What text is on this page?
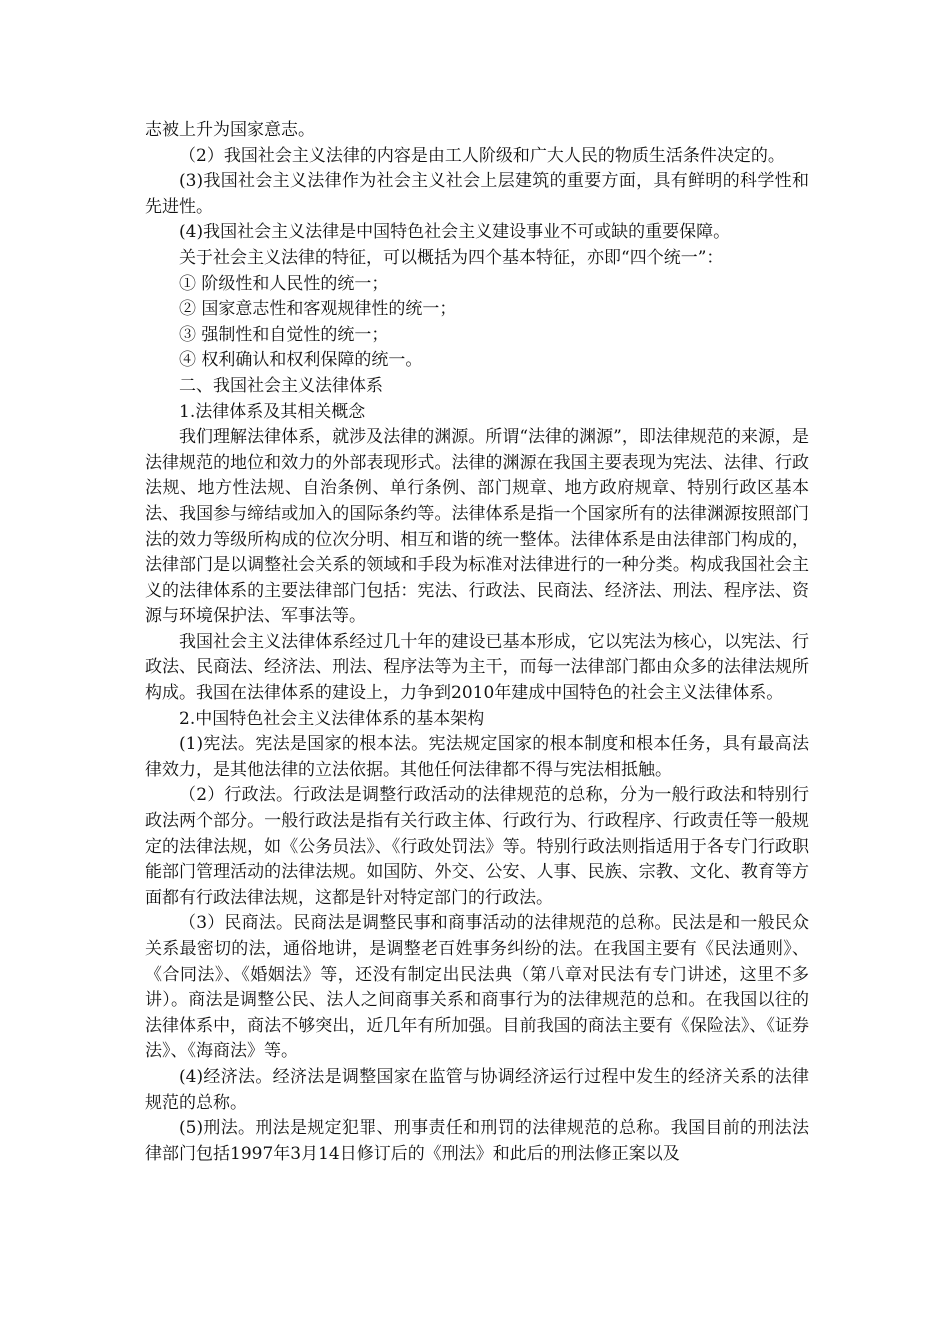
志被上升为国家意志。

（2）我国社会主义法律的内容是由工人阶级和广大人民的物质生活条件决定的。

(3)我国社会主义法律作为社会主义社会上层建筑的重要方面，具有鲜明的科学性和先进性。

(4)我国社会主义法律是中国特色社会主义建设事业不可或缺的重要保障。

关于社会主义法律的特征，可以概括为四个基本特征，亦即“四个统一”：

① 阶级性和人民性的统一；

② 国家意志性和客观规律性的统一；

③ 强制性和自觉性的统一；

④ 权利确认和权利保障的统一。

二、我国社会主义法律体系

1.法律体系及其相关概念

我们理解法律体系，就涉及法律的渊源。所谓“法律的渊源”，即法律规范的来源，是法律规范的地位和效力的外部表现形式。法律的渊源在我国主要表现为宪法、法律、行政法规、地方性法规、自治条例、单行条例、部门规章、地方政府规章、特别行政区基本法、我国参与缔结或加入的国际条约等。法律体系是指一个国家所有的法律渊源按照部门法的效力等级所构成的位次分明、相互和谐的统一整体。法律体系是由法律部门构成的，法律部门是以调整社会关系的领域和手段为标准对法律进行的一种分类。构成我国社会主义的法律体系的主要法律部门包括：宪法、行政法、民商法、经济法、刑法、程序法、资源与环境保护法、军事法等。

我国社会主义法律体系经过几十年的建设已基本形成，它以宪法为核心，以宪法、行政法、民商法、经济法、刑法、程序法等为主干，而每一法律部门都由众多的法律法规所构成。我国在法律体系的建设上，力争到2010年建成中国特色的社会主义法律体系。

2.中国特色社会主义法律体系的基本架构

(1)宪法。宪法是国家的根本法。宪法规定国家的根本制度和根本任务，具有最高法律效力，是其他法律的立法依据。其他任何法律都不得与宪法相抵触。

（2）行政法。行政法是调整行政活动的法律规范的总称，分为一般行政法和特别行政法两个部分。一般行政法是指有关行政主体、行政行为、行政程序、行政责任等一般规定的法律法规，如《公务员法》、《行政处罚法》等。特别行政法则指适用于各专门行政职能部门管理活动的法律法规。如国防、外交、公安、人事、民族、宗教、文化、教育等方面都有行政法律法规，这都是针对特定部门的行政法。

（3）民商法。民商法是调整民事和商事活动的法律规范的总称。民法是和一般民众关系最密切的法，通俗地讲，是调整老百姓事务纠纷的法。在我国主要有《民法通则》、《合同法》、《婚姻法》等，还没有制定出民法典（第八章对民法有专门讲述，这里不多讲）。商法是调整公民、法人之间商事关系和商事行为的法律规范的总和。在我国以往的法律体系中，商法不够突出，近几年有所加强。目前我国的商法主要有《保险法》、《证券法》、《海商法》等。

(4)经济法。经济法是调整国家在监管与协调经济运行过程中发生的经济关系的法律规范的总称。

(5)刑法。刑法是规定犯罪、刑事责任和刑罚的法律规范的总称。我国目前的刑法法律部门包括1997年3月14日修订后的《刑法》和此后的刑法修正案以及
